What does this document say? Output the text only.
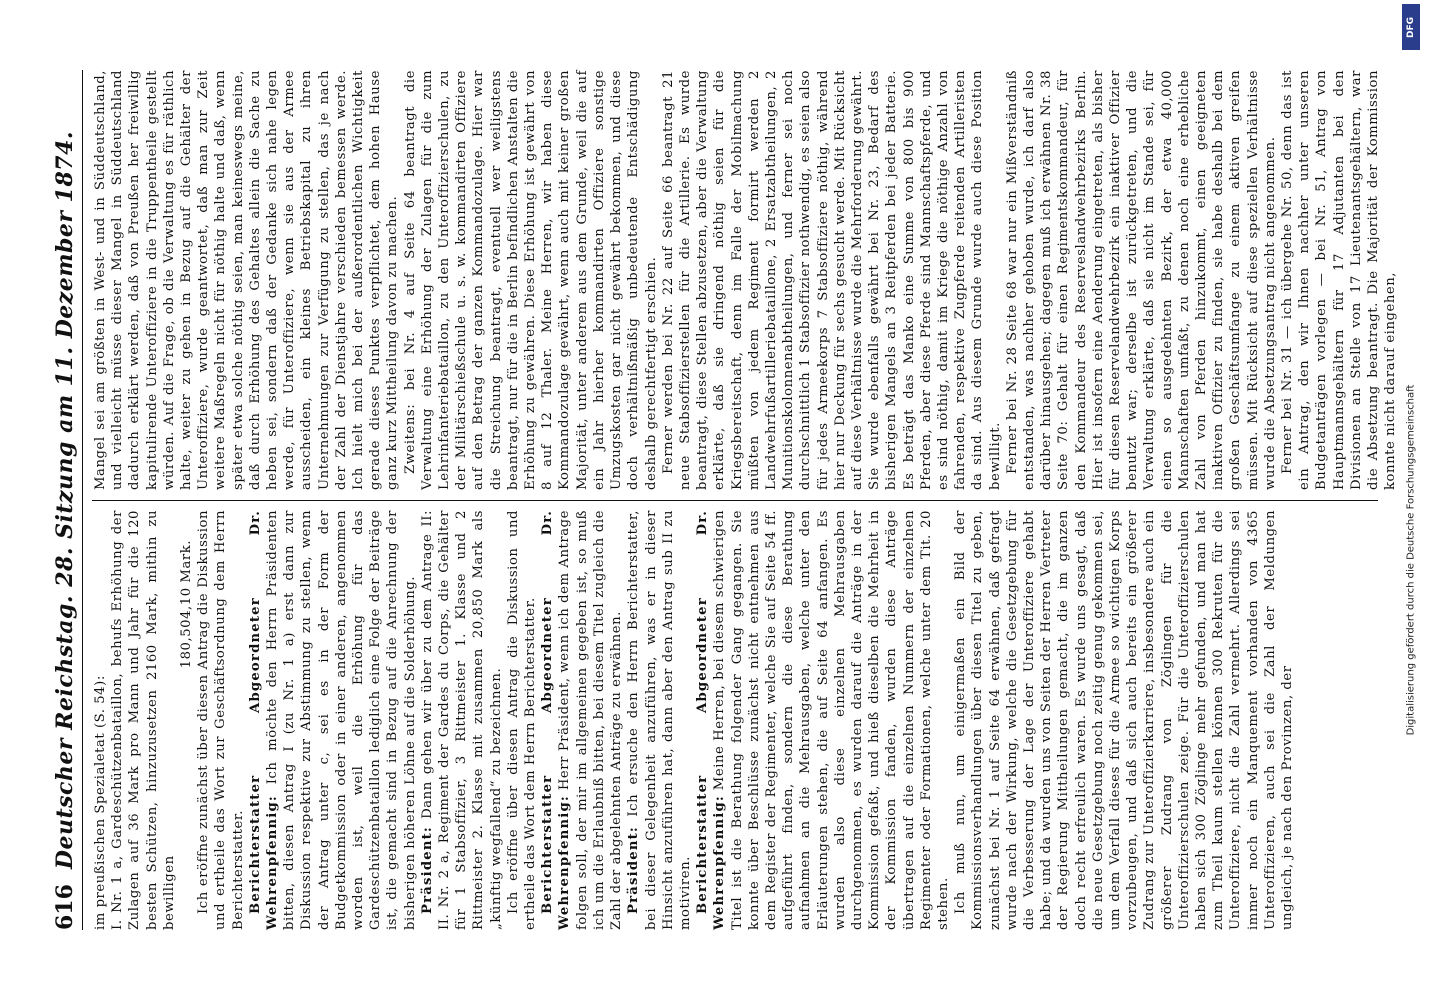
616
Deutscher Reichstag. 28. Sitzung am 11. Dezember 1874. im preußischen Spezialetat (S. 54): I. Nr. 1 a, Gardeschützenbataillon, behufs Erhöhung der Zulagen auf 36 Mark pro Mann und Jahr für die 120 besten Schützen, hinzuzusetzen 2160 Mark, mithin zu bewilligen

180,504,10 Mark. Ich eröffne zunächst über diesen Antrag die Diskussion und ertheile das Wort zur Geschäftsordnung dem Herrn Berichterstatter. Berichterstatter Abgeordneter Dr. Wehrenpfennig: Ich möchte den Herrn Präsidenten bitten, diesen Antrag I (zu Nr. 1 a) erst dann zur Diskussion respektive zur Abstimmung zu stellen, wenn der Antrag unter c, sei es in der Form der Budgetkommission oder in einer anderen, angenommen worden ist, weil die Erhöhung für das Gardeschützenbataillon lediglich eine Folge der Beiträge ist, die gemacht sind in Bezug auf die Anrechnung der bisherigen höheren Löhne auf die Solderhöhung. Präsident: Dann gehen wir über zu dem Antrage II: II. Nr. 2 a, Regiment der Gardes du Corps, die Gehälter für 1 Stabsoffizier, 3 Rittmeister 1. Klasse und 2 Rittmeister 2. Klasse mit zusammen 20,850 Mark als „künftig wegfallend“ zu bezeichnen. Ich eröffne über diesen Antrag die Diskussion und ertheile das Wort dem Herrn Berichterstatter. Berichterstatter Abgeordneter Dr. Wehrenpfennig: Herr Präsident, wenn ich dem Antrage folgen soll, der mir im allgemeinen gegeben ist, so muß ich um die Erlaubniß bitten, bei diesem Titel zugleich die Zahl der abgelehnten Anträge zu erwähnen. Präsident: Ich ersuche den Herrn Berichterstatter, bei dieser Gelegenheit anzuführen, was er in dieser Hinsicht anzuführen hat, dann aber den Antrag sub II zu motiviren. Berichterstatter Abgeordneter Dr. Wehrenpfennig: Meine Herren, bei diesem schwierigen Titel ist die Berathung folgender Gang gegangen. Sie konnte über Beschlüsse zunächst nicht entnehmen aus dem Register der Regimenter, welche Sie auf Seite 54 ff. aufgeführt finden, sondern die diese Berathung aufnahmen an die Mehrausgaben, welche unter den Erläuterungen stehen, die auf Seite 64 anfangen. Es wurden also diese einzelnen Mehrausgaben durchgenommen, es wurden darauf die Anträge in der Kommission gefaßt, und hieß dieselben die Mehrheit in der Kommission fanden, wurden diese Anträge übertragen auf die einzelnen Nummern der einzelnen Regimenter oder Formationen, welche unter dem Tit. 20 stehen. Ich muß nun, um einigermaßen ein Bild der Kommissionsverhandlungen über diesen Titel zu geben, zunächst bei Nr. 1 auf Seite 64 erwähnen, daß gefragt wurde nach der Wirkung, welche die Gesetzgebung für die Verbesserung der Lage der Unteroffiziere gehabt habe; und da wurden uns von Seiten der Herren Vertreter der Regierung Mittheilungen gemacht, die im ganzen doch recht erfreulich waren. Es wurde uns gesagt, daß die neue Gesetzgebung noch zeitig genug gekommen sei, um dem Verfall dieses für die Armee so wichtigen Korps vorzubeugen, und daß sich auch bereits ein größerer Zudrang zur Unteroffizierkarriere, insbesondere auch ein größerer Zudrang von Zöglingen für die Unteroffizierschulen zeige. Für die Unteroffizierschulen haben sich 300 Zöglinge mehr gefunden, und man hat zum Theil kaum stellen können 300 Rekruten für die Unteroffiziere, nicht die Zahl vermehrt. Allerdings sei immer noch ein Manquement vorhanden von 4365 Unteroffizieren, auch sei die Zahl der Meldungen ungleich, je nach den Provinzen, der

Mangel sei am größten in West- und in Süddeutschland, und vielleicht müsse dieser Mangel in Süddeutschland dadurch erklärt werden, daß von Preußen her freiwillig kapitulirende Unteroffiziere in die Truppentheile gestellt würden. Auf die Frage, ob die Verwaltung es für räthlich halte, weiter zu gehen in Bezug auf die Gehälter der Unteroffiziere, wurde geantwortet, daß man zur Zeit weitere Maßregeln nicht für nöthig halte und daß, wenn später etwa solche nöthig seien, man keineswegs meine, daß durch Erhöhung des Gehaltes allein die Sache zu heben sei, sondern daß der Gedanke sich nahe legen werde, für Unteroffiziere, wenn sie aus der Armee ausscheiden, ein kleines Betriebskapital zu ihren Unternehmungen zur Verfügung zu stellen, das je nach der Zahl der Dienstjahre verschieden bemessen werde. Ich hielt mich bei der außerordentlichen Wichtigkeit gerade dieses Punktes verpflichtet, dem hohen Hause ganz kurz Mittheilung davon zu machen. Zweitens: bei Nr. 4 auf Seite 64 beantragt die Verwaltung eine Erhöhung der Zulagen für die zum Lehrinfanteriebataillon, zu den Unteroffizierschulen, zu der Militärschießschule u. s. w. kommandirten Offiziere auf den Betrag der ganzen Kommandozulage. Hier war die Streichung beantragt, eventuell wer weiligstens beantragt, nur für die in Berlin befindlichen Anstalten die Erhöhung zu gewähren. Diese Erhöhung ist gewährt von 8 auf 12 Thaler. Meine Herren, wir haben diese Kommandozulage gewährt, wenn auch mit keiner großen Majorität, unter anderem aus dem Grunde, weil die auf ein Jahr hierher kommandirten Offiziere sonstige Umzugskosten gar nicht gewährt bekommen, und diese doch verhältnißmäßig unbedeutende Entschädigung deshalb gerechtfertigt erschien. Ferner werden bei Nr. 22 auf Seite 66 beantragt 21 neue Stabsoffizierstellen für die Artillerie. Es wurde beantragt, diese Stellen abzusetzen, aber die Verwaltung erklärte, daß sie dringend nöthig seien für die Kriegsbereitschaft, denn im Falle der Mobilmachung müßten von jedem Regiment formirt werden 2 Landwehrfußartilleriebataillone, 2 Ersatzabtheilungen, 2 Munitionskolonnenabtheilungen, und ferner sei noch durchschnittlich 1 Stabsoffizier nothwendig, es seien also für jedes Armeekorps 7 Stabsoffiziere nöthig, während hier nur Deckung für sechs gesucht werde. Mit Rücksicht auf diese Verhältnisse wurde die Mehrforderung gewährt. Sie wurde ebenfalls gewährt bei Nr. 23, Bedarf des bisherigen Mangels an 3 Reitpferden bei jeder Batterie. Es beträgt das Manko eine Summe von 800 bis 900 Pferden, aber diese Pferde sind Mannschaftspferde, und es sind nöthig, damit im Kriege die nöthige Anzahl von fahrenden, respektive Zugpferde reitenden Artilleristen da sind. Aus diesem Grunde wurde auch diese Position bewilligt. Ferner bei Nr. 28 Seite 68 war nur ein Mißverständniß entstanden, was nachher gehoben wurde, ich darf also darüber hinausgehen; dagegen muß ich erwähnen Nr. 38 Seite 70: Gehalt für einen Regimentskommandeur, für den Kommandeur des Reserveslandwehrbezirks Berlin. Hier ist insofern eine Aenderung eingetreten, als bisher für diesen Reservelandwehrbezirk ein inaktiver Offizier benutzt war; derselbe ist zurückgetreten, und die Verwaltung erklärte, daß sie nicht im Stande sei, für einen so ausgedehnten Bezirk, der etwa 40,000 Mannschaften umfaßt, zu denen noch eine erhebliche Zahl von Pferden hinzukommt, einen geeigneten inaktiven Offizier zu finden, sie habe deshalb bei dem großen Geschäftsumfange zu einem aktiven greifen müssen. Mit Rücksicht auf diese speziellen Verhältnisse wurde die Absetzungsantrag nicht angenommen. Ferner bei Nr. 31 — ich übergehe Nr. 50, denn das ist ein Antrag, den wir Ihnen nachher unter unseren Budgetanträgen vorlegen — bei Nr. 51, Antrag von Hauptmannsgehältern für 17 Adjutanten bei den Divisionen an Stelle von 17 Lieutenantsgehältern, war die Absetzung beantragt. Die Majorität der Kommission konnte nicht darauf eingehen,

DFG
Digitalisierung gefördert durch die Deutsche Forschungsgemeinschaft
